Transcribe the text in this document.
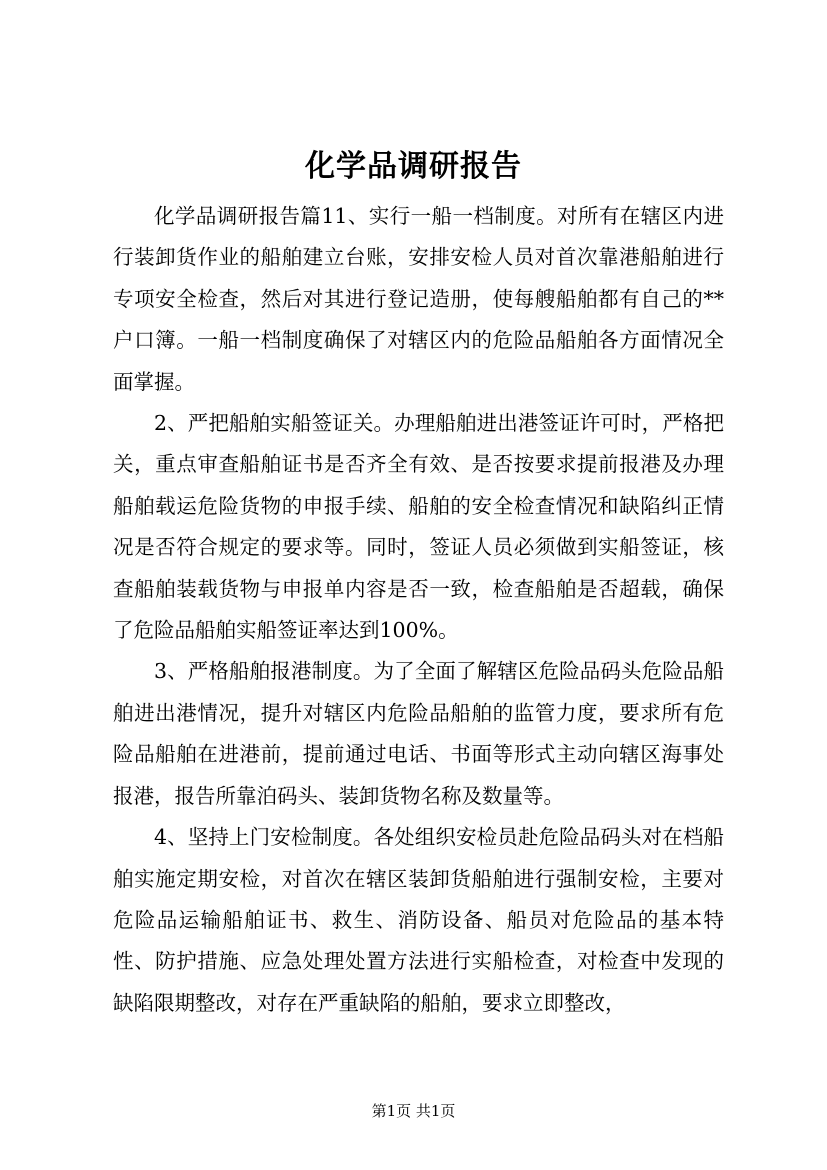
化学品调研报告

化学品调研报告篇11、实行一船一档制度。对所有在辖区内进行装卸货作业的船舶建立台账，安排安检人员对首次靠港船舶进行专项安全检查，然后对其进行登记造册，使每艘船舶都有自己的**户口簿。一船一档制度确保了对辖区内的危险品船舶各方面情况全面掌握。

2、严把船舶实船签证关。办理船舶进出港签证许可时，严格把关，重点审查船舶证书是否齐全有效、是否按要求提前报港及办理船舶载运危险货物的申报手续、船舶的安全检查情况和缺陷纠正情况是否符合规定的要求等。同时，签证人员必须做到实船签证，核查船舶装载货物与申报单内容是否一致，检查船舶是否超载，确保了危险品船舶实船签证率达到100%。

3、严格船舶报港制度。为了全面了解辖区危险品码头危险品船舶进出港情况，提升对辖区内危险品船舶的监管力度，要求所有危险品船舶在进港前，提前通过电话、书面等形式主动向辖区海事处报港，报告所靠泊码头、装卸货物名称及数量等。

4、坚持上门安检制度。各处组织安检员赴危险品码头对在档船舶实施定期安检，对首次在辖区装卸货船舶进行强制安检，主要对危险品运输船舶证书、救生、消防设备、船员对危险品的基本特性、防护措施、应急处理处置方法进行实船检查，对检查中发现的缺陷限期整改，对存在严重缺陷的船舶，要求立即整改，

第1页 共1页
